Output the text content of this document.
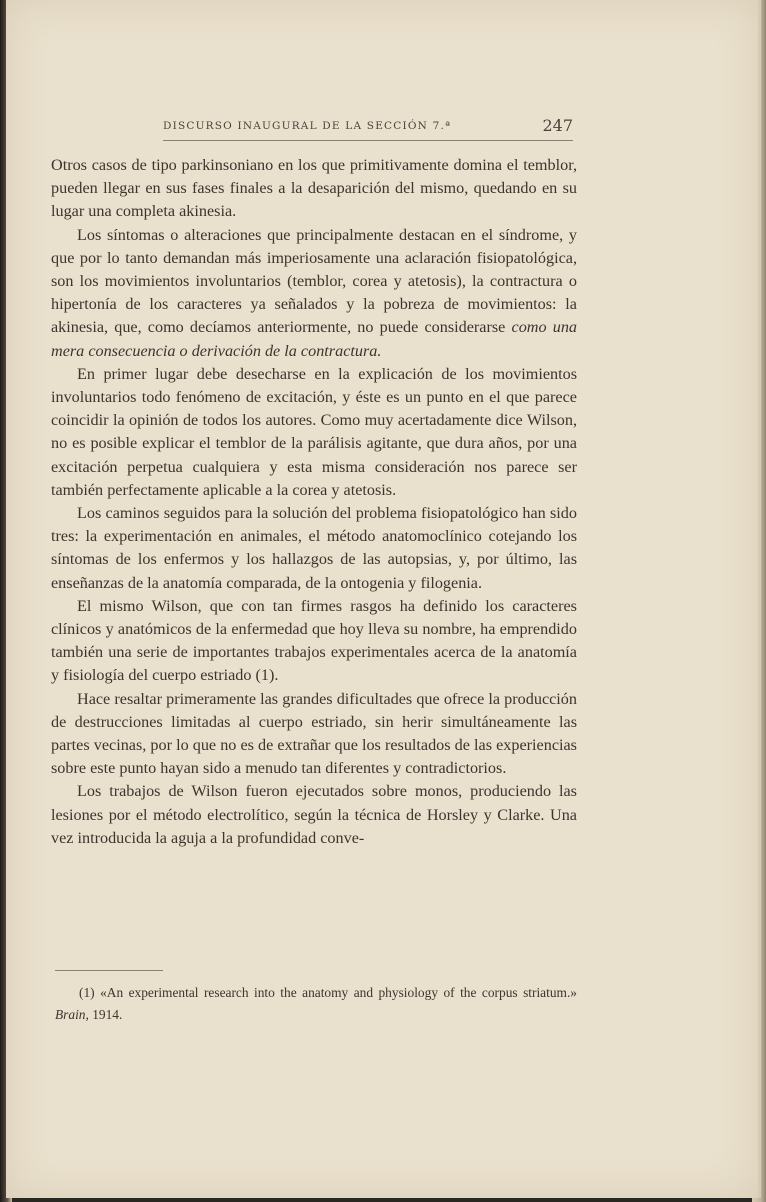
DISCURSO INAUGURAL DE LA SECCIÓN 7.ª	247

Otros casos de tipo parkinsoniano en los que primitivamente domina el temblor, pueden llegar en sus fases finales a la desaparición del mismo, quedando en su lugar una completa akinesia.

Los síntomas o alteraciones que principalmente destacan en el síndrome, y que por lo tanto demandan más imperiosamente una aclaración fisiopatológica, son los movimientos involuntarios (temblor, corea y atetosis), la contractura o hipertonía de los caracteres ya señalados y la pobreza de movimientos: la akinesia, que, como decíamos anteriormente, no puede considerarse como una mera consecuencia o derivación de la contractura.

En primer lugar debe desecharse en la explicación de los movimientos involuntarios todo fenómeno de excitación, y éste es un punto en el que parece coincidir la opinión de todos los autores. Como muy acertadamente dice Wilson, no es posible explicar el temblor de la parálisis agitante, que dura años, por una excitación perpetua cualquiera y esta misma consideración nos parece ser también perfectamente aplicable a la corea y atetosis.

Los caminos seguidos para la solución del problema fisiopatológico han sido tres: la experimentación en animales, el método anatomoclínico cotejando los síntomas de los enfermos y los hallazgos de las autopsias, y, por último, las enseñanzas de la anatomía comparada, de la ontogenia y filogenia.

El mismo Wilson, que con tan firmes rasgos ha definido los caracteres clínicos y anatómicos de la enfermedad que hoy lleva su nombre, ha emprendido también una serie de importantes trabajos experimentales acerca de la anatomía y fisiología del cuerpo estriado (1).

Hace resaltar primeramente las grandes dificultades que ofrece la producción de destrucciones limitadas al cuerpo estriado, sin herir simultáneamente las partes vecinas, por lo que no es de extrañar que los resultados de las experiencias sobre este punto hayan sido a menudo tan diferentes y contradictorios.

Los trabajos de Wilson fueron ejecutados sobre monos, produciendo las lesiones por el método electrolítico, según la técnica de Horsley y Clarke. Una vez introducida la aguja a la profundidad conve-

(1) «An experimental research into the anatomy and physiology of the corpus striatum.» Brain, 1914.
